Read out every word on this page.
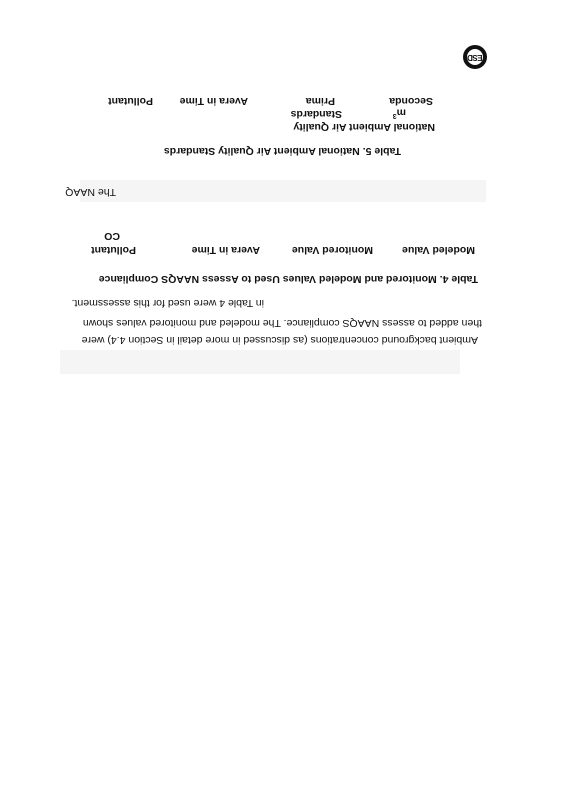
Ambient background concentrations (as discussed in more detail in Section 4.4) were
then added to assess NAAQS compliance. The modeled and monitored values shown
in Table 4 were used for this assessment.
Table 4. Monitored and Modeled Values Used to Assess NAAQS Compliance
Modeled Value
Monitored Value
Avera in Time
Pollutant
CO
The NAAQ
Table 5. National Ambient Air Quality Standards
National Ambient Air Quality
Standards	$m^3$
Seconda
Prima
Avera in Time
Pollutant
ESD
